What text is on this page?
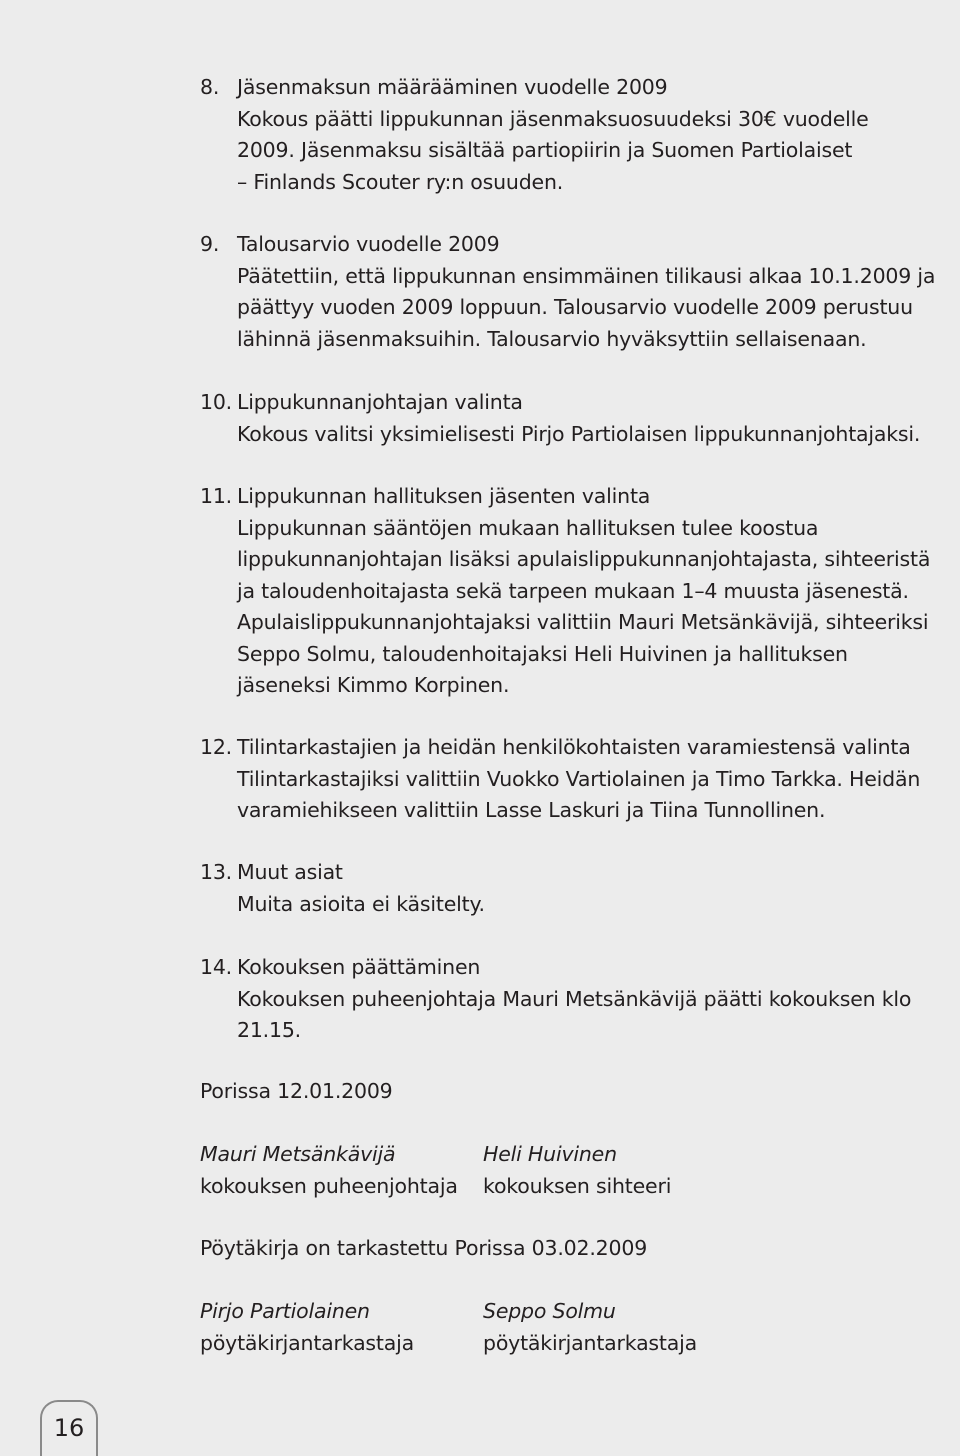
8. Jäsenmaksun määrääminen vuodelle 2009
Kokous päätti lippukunnan jäsenmaksuosuudeksi 30€ vuodelle
2009. Jäsenmaksu sisältää partiopiirin ja Suomen Partiolaiset
– Finlands Scouter ry:n osuuden.
9. Talousarvio vuodelle 2009
Päätettiin, että lippukunnan ensimmäinen tilikausi alkaa 10.1.2009 ja
päättyy vuoden 2009 loppuun. Talousarvio vuodelle 2009 perustuu
lähinnä jäsenmaksuihin. Talousarvio hyväksyttiin sellaisenaan.
10. Lippukunnanjohtajan valinta
Kokous valitsi yksimielisesti Pirjo Partiolaisen lippukunnanjohtajaksi.
11. Lippukunnan hallituksen jäsenten valinta
Lippukunnan sääntöjen mukaan hallituksen tulee koostua
lippukunnanjohtajan lisäksi apulaislippukunnanjohtajasta, sihteeristä
ja taloudenhoitajasta sekä tarpeen mukaan 1–4 muusta jäsenestä.
Apulaislippukunnanjohtajaksi valittiin Mauri Metsänkävijä, sihteeriksi
Seppo Solmu, taloudenhoitajaksi Heli Huivinen ja hallituksen
jäseneksi Kimmo Korpinen.
12. Tilintarkastajien ja heidän henkilökohtaisten varamiestensä valinta
Tilintarkastajiksi valittiin Vuokko Vartiolainen ja Timo Tarkka. Heidän
varamiehikseen valittiin Lasse Laskuri ja Tiina Tunnollinen.
13. Muut asiat
Muita asioita ei käsitelty.
14. Kokouksen päättäminen
Kokouksen puheenjohtaja Mauri Metsänkävijä päätti kokouksen klo
21.15.
Porissa 12.01.2009
Mauri Metsänkävijä
kokouksen puheenjohtaja
Heli Huivinen
kokouksen sihteeri
Pöytäkirja on tarkastettu Porissa 03.02.2009
Pirjo Partiolainen
pöytäkirjantarkastaja
Seppo Solmu
pöytäkirjantarkastaja
16
